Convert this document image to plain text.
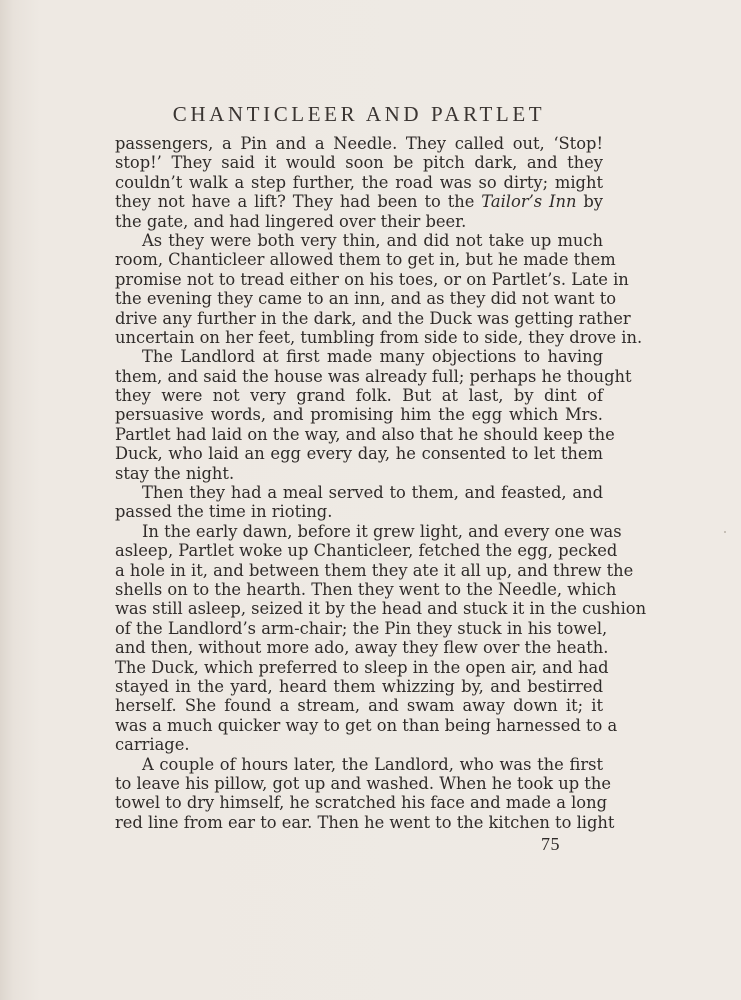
CHANTICLEER AND PARTLET
passengers, a Pin and a Needle. They called out, ‘Stop!
stop!’ They said it would soon be pitch dark, and they
couldn’t walk a step further, the road was so dirty; might
they not have a lift? They had been to the Tailor’s Inn by
the gate, and had lingered over their beer.
As they were both very thin, and did not take up much
room, Chanticleer allowed them to get in, but he made them
promise not to tread either on his toes, or on Partlet’s. Late in
the evening they came to an inn, and as they did not want to
drive any further in the dark, and the Duck was getting rather
uncertain on her feet, tumbling from side to side, they drove in.
The Landlord at first made many objections to having
them, and said the house was already full; perhaps he thought
they were not very grand folk. But at last, by dint of
persuasive words, and promising him the egg which Mrs.
Partlet had laid on the way, and also that he should keep the
Duck, who laid an egg every day, he consented to let them
stay the night.
Then they had a meal served to them, and feasted, and
passed the time in rioting.
In the early dawn, before it grew light, and every one was
asleep, Partlet woke up Chanticleer, fetched the egg, pecked
a hole in it, and between them they ate it all up, and threw the
shells on to the hearth. Then they went to the Needle, which
was still asleep, seized it by the head and stuck it in the cushion
of the Landlord’s arm-chair; the Pin they stuck in his towel,
and then, without more ado, away they flew over the heath.
The Duck, which preferred to sleep in the open air, and had
stayed in the yard, heard them whizzing by, and bestirred
herself. She found a stream, and swam away down it; it
was a much quicker way to get on than being harnessed to a
carriage.
A couple of hours later, the Landlord, who was the first
to leave his pillow, got up and washed. When he took up the
towel to dry himself, he scratched his face and made a long
red line from ear to ear. Then he went to the kitchen to light
75
